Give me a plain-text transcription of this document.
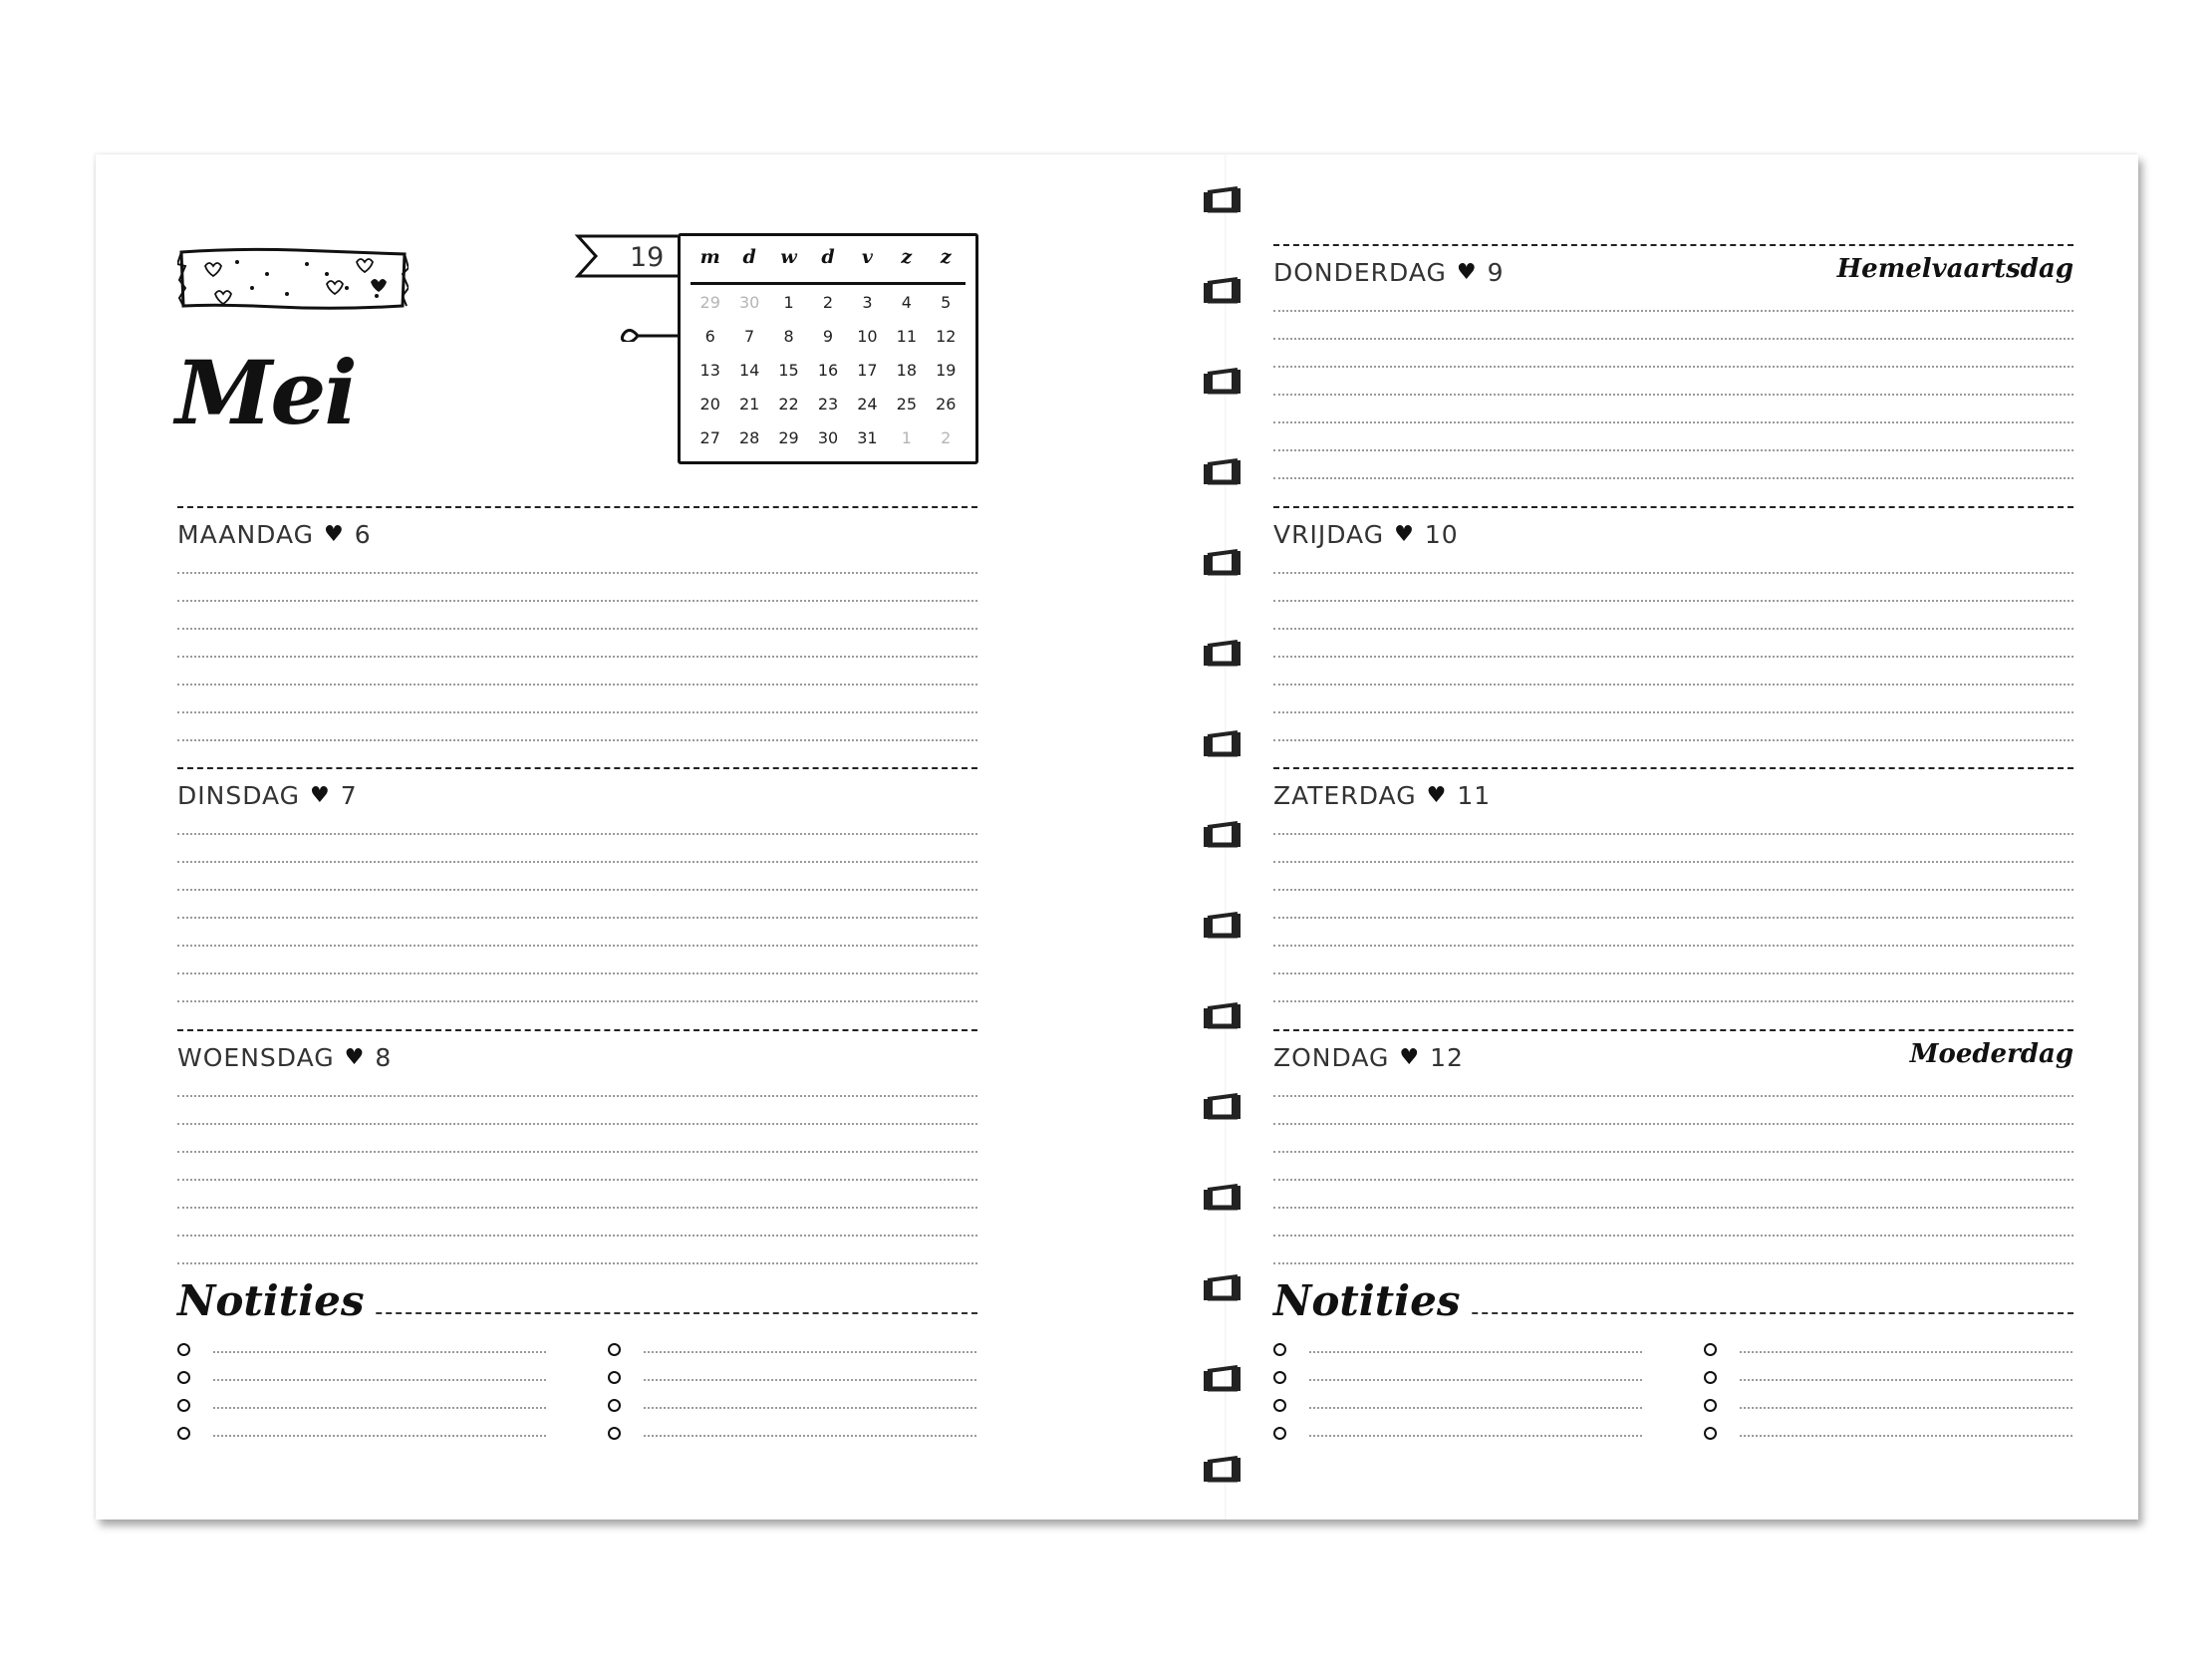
Mei
19	m	d	w	d	v	z	z
29	30	1	2	3	4	5
6	7	8	9	10	11	12
13	14	15	16	17	18	19
20	21	22	23	24	25	26
27	28	29	30	31	1	2
MAANDAG ♥ 6
DINSDAG ♥ 7
WOENSDAG ♥ 8
Notities
DONDERDAG ♥ 9	Hemelvaartsdag
VRIJDAG ♥ 10
ZATERDAG ♥ 11
ZONDAG ♥ 12	Moederdag
Notities
